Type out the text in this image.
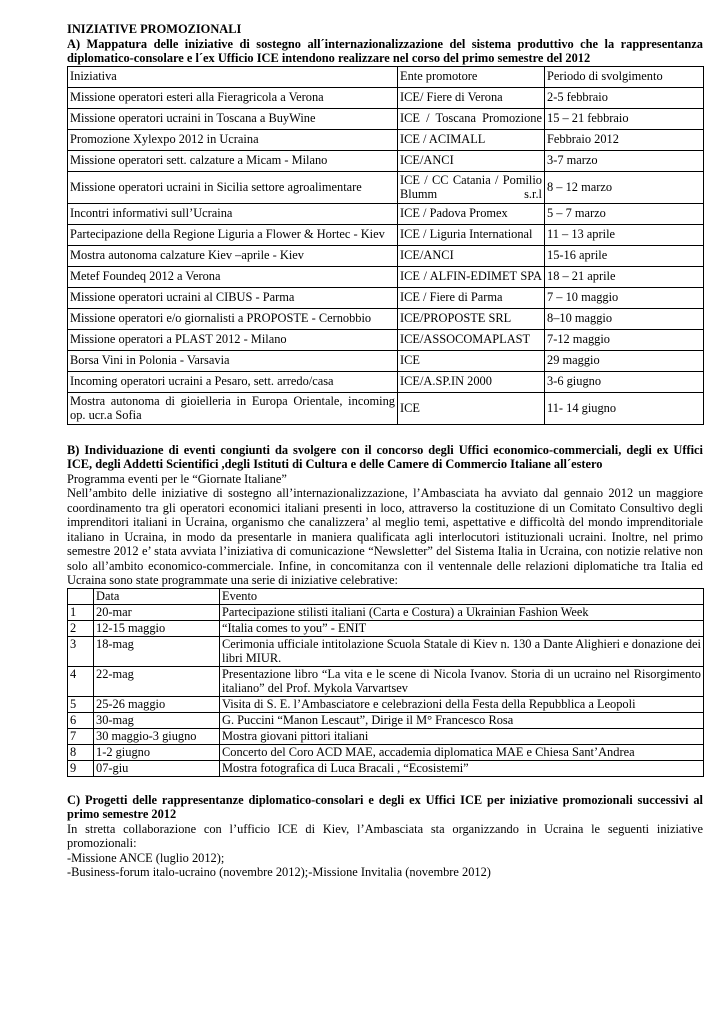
INIZIATIVE PROMOZIONALI

A) Mappatura delle iniziative di sostegno all´internazionalizzazione del sistema produttivo che la rappresentanza diplomatico-consolare e l´ex Ufficio ICE intendono realizzare nel corso del primo semestre del 2012

Iniziativa	Ente promotore	Periodo di svolgimento
Missione operatori esteri alla Fieragricola a Verona	ICE/ Fiere di Verona	2-5 febbraio
Missione operatori ucraini in Toscana a BuyWine	ICE / Toscana Promozione	15 – 21 febbraio
Promozione Xylexpo 2012 in Ucraina	ICE / ACIMALL	Febbraio 2012
Missione operatori sett. calzature a Micam - Milano	ICE/ANCI	3-7 marzo
Missione operatori ucraini in Sicilia settore agroalimentare	ICE / CC Catania / Pomilio Blumm s.r.l	8 – 12 marzo
Incontri informativi sull’Ucraina	ICE / Padova Promex	5 – 7 marzo
Partecipazione della Regione Liguria a Flower & Hortec - Kiev	ICE / Liguria International	11 – 13 aprile
Mostra autonoma calzature Kiev –aprile - Kiev	ICE/ANCI	15-16 aprile
Metef Foundeq 2012 a Verona	ICE / ALFIN-EDIMET SPA	18 – 21 aprile
Missione operatori ucraini al CIBUS - Parma	ICE / Fiere di Parma	7 – 10 maggio
Missione operatori e/o giornalisti a PROPOSTE - Cernobbio	ICE/PROPOSTE SRL	8–10 maggio
Missione operatori a PLAST 2012 - Milano	ICE/ASSOCOMAPLAST	7-12 maggio
Borsa Vini in Polonia - Varsavia	ICE	29 maggio
Incoming operatori ucraini a Pesaro, sett. arredo/casa	ICE/A.SP.IN 2000	3-6 giugno
Mostra autonoma di gioielleria in Europa Orientale, incoming op. ucr.a Sofia	ICE	11- 14 giugno

B) Individuazione di eventi congiunti da svolgere con il concorso degli Uffici economico-commerciali, degli ex Uffici ICE, degli Addetti Scientifici ,degli Istituti di Cultura e delle Camere di Commercio Italiane all´estero

Programma eventi per le “Giornate Italiane”

Nell’ambito delle iniziative di sostegno all’internazionalizzazione, l’Ambasciata ha avviato dal gennaio 2012 un maggiore coordinamento tra gli operatori economici italiani presenti in loco, attraverso la costituzione di un Comitato Consultivo degli imprenditori italiani in Ucraina, organismo che canalizzera’ al meglio temi, aspettative e difficoltà del mondo imprenditoriale italiano in Ucraina, in modo da presentarle in maniera qualificata agli interlocutori istituzionali ucraini. Inoltre, nel primo semestre 2012 e’ stata avviata l’iniziativa di comunicazione “Newsletter” del Sistema Italia in Ucraina, con notizie relative non solo all’ambito economico-commerciale. Infine, in concomitanza con il ventennale delle relazioni diplomatiche tra Italia ed Ucraina sono state programmate una serie di iniziative celebrative:

	Data	Evento
1	20-mar	Partecipazione stilisti italiani (Carta e Costura) a Ukrainian Fashion Week
2	12-15 maggio	“Italia comes to you” - ENIT
3	18-mag	Cerimonia ufficiale intitolazione Scuola Statale di Kiev n. 130 a Dante Alighieri e donazione dei libri MIUR.
4	22-mag	Presentazione libro “La vita e le scene di Nicola Ivanov. Storia di un ucraino nel Risorgimento italiano” del Prof. Mykola Varvartsev
5	25-26 maggio	Visita di S. E. l’Ambasciatore e celebrazioni della Festa della Repubblica a Leopoli
6	30-mag	G. Puccini “Manon Lescaut”, Dirige il M° Francesco Rosa
7	30 maggio-3 giugno	Mostra giovani pittori italiani
8	1-2 giugno	Concerto del Coro ACD MAE, accademia diplomatica MAE e Chiesa Sant’Andrea
9	07-giu	Mostra fotografica di Luca Bracali , “Ecosistemi”

C) Progetti delle rappresentanze diplomatico-consolari e degli ex Uffici ICE per iniziative promozionali successivi al primo semestre 2012

In stretta collaborazione con l’ufficio ICE di Kiev, l’Ambasciata sta organizzando in Ucraina le seguenti iniziative promozionali:

-Missione ANCE (luglio 2012);

-Business-forum italo-ucraino (novembre 2012);-Missione Invitalia (novembre 2012)
